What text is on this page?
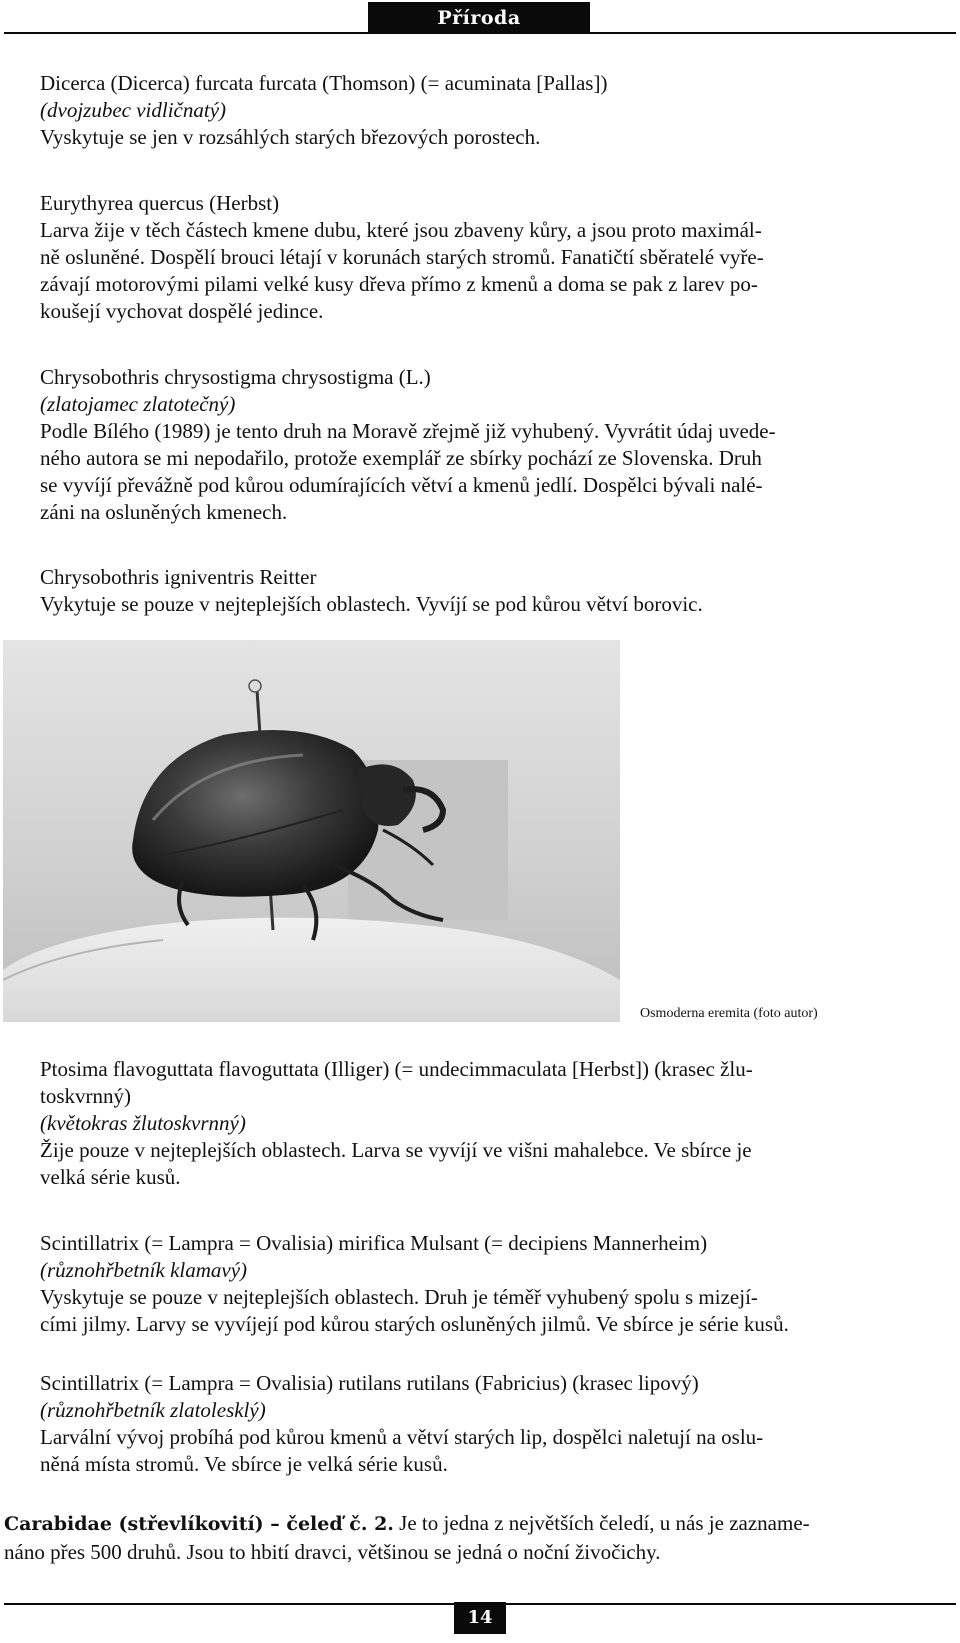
Příroda

Dicerca (Dicerca) furcata furcata (Thomson) (= acuminata [Pallas])

(dvojzubec vidličnatý)

Vyskytuje se jen v rozsáhlých starých březových porostech.

Eurythyrea quercus (Herbst)

Larva žije v těch částech kmene dubu, které jsou zbaveny kůry, a jsou proto maximál-

ně osluněné. Dospělí brouci létají v korunách starých stromů. Fanatičtí sběratelé vyře-

závají motorovými pilami velké kusy dřeva přímo z kmenů a doma se pak z larev po-

koušejí vychovat dospělé jedince.

Chrysobothris chrysostigma chrysostigma (L.)

(zlatojamec zlatotečný)

Podle Bílého (1989) je tento druh na Moravě zřejmě již vyhubený. Vyvrátit údaj uvede-

ného autora se mi nepodařilo, protože exemplář ze sbírky pochází ze Slovenska. Druh

se vyvíjí převážně pod kůrou odumírajících větví a kmenů jedlí. Dospělci bývali nalé-

záni na osluněných kmenech.

Chrysobothris igniventris Reitter

Vykytuje se pouze v nejteplejších oblastech. Vyvíjí se pod kůrou větví borovic.

Osmoderna eremita (foto autor)

Ptosima flavoguttata flavoguttata (Illiger) (= undecimmaculata [Herbst]) (krasec žlu-

toskvrnný)

(květokras žlutoskvrnný)

Žije pouze v nejteplejších oblastech. Larva se vyvíjí ve višni mahalebce. Ve sbírce je

velká série kusů.

Scintillatrix (= Lampra = Ovalisia) mirifica Mulsant (= decipiens Mannerheim)

(různohřbetník klamavý)

Vyskytuje se pouze v nejteplejších oblastech. Druh je téměř vyhubený spolu s mizejí-

cími jilmy. Larvy se vyvíjejí pod kůrou starých osluněných jilmů. Ve sbírce je série kusů.

Scintillatrix (= Lampra = Ovalisia) rutilans rutilans (Fabricius) (krasec lipový)

(různohřbetník zlatolesklý)

Larvální vývoj probíhá pod kůrou kmenů a větví starých lip, dospělci naletují na oslu-

něná místa stromů. Ve sbírce je velká série kusů.

Carabidae (střevlíkovití) – čeleď č. 2. Je to jedna z největších čeledí, u nás je zazname-
náno přes 500 druhů. Jsou to hbití dravci, většinou se jedná o noční živočichy.

14
